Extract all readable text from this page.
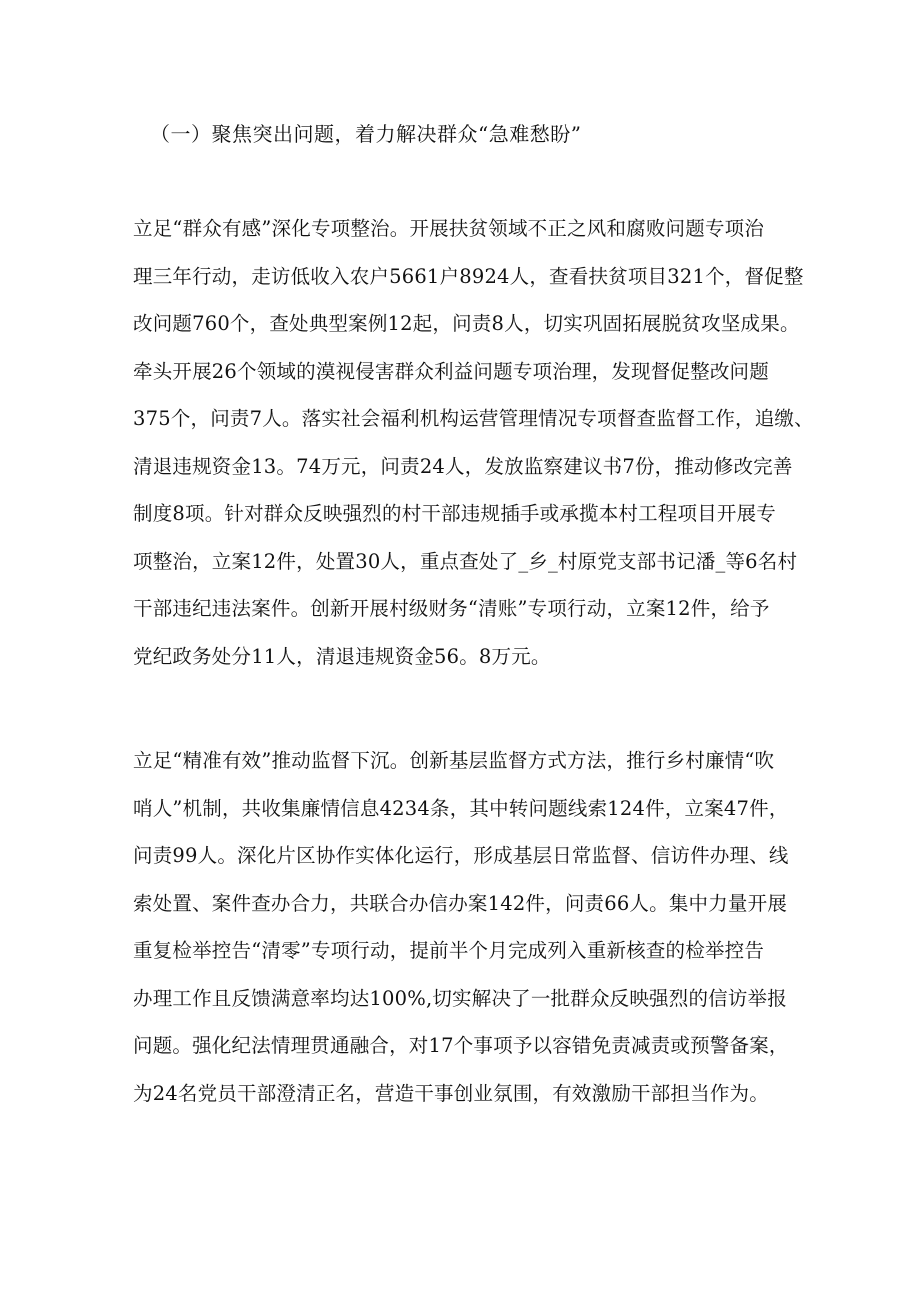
（一）聚焦突出问题，着力解决群众“急难愁盼”
立足“群众有感”深化专项整治。开展扶贫领域不正之风和腐败问题专项治
理三年行动，走访低收入农户5661户8924人，查看扶贫项目321个，督促整
改问题760个，查处典型案例12起，问责8人，切实巩固拓展脱贫攻坚成果。
牵头开展26个领域的漠视侵害群众利益问题专项治理，发现督促整改问题
375个，问责7人。落实社会福利机构运营管理情况专项督查监督工作，追缴、
清退违规资金13。74万元，问责24人，发放监察建议书7份，推动修改完善
制度8项。针对群众反映强烈的村干部违规插手或承揽本村工程项目开展专
项整治，立案12件，处置30人，重点查处了_乡_村原党支部书记潘_等6名村
干部违纪违法案件。创新开展村级财务“清账”专项行动，立案12件，给予
党纪政务处分11人，清退违规资金56。8万元。
立足“精准有效”推动监督下沉。创新基层监督方式方法，推行乡村廉情“吹
哨人”机制，共收集廉情信息4234条，其中转问题线索124件，立案47件，
问责99人。深化片区协作实体化运行，形成基层日常监督、信访件办理、线
索处置、案件查办合力，共联合办信办案142件，问责66人。集中力量开展
重复检举控告“清零”专项行动，提前半个月完成列入重新核查的检举控告
办理工作且反馈满意率均达100%,切实解决了一批群众反映强烈的信访举报
问题。强化纪法情理贯通融合，对17个事项予以容错免责减责或预警备案，
为24名党员干部澄清正名，营造干事创业氛围，有效激励干部担当作为。
